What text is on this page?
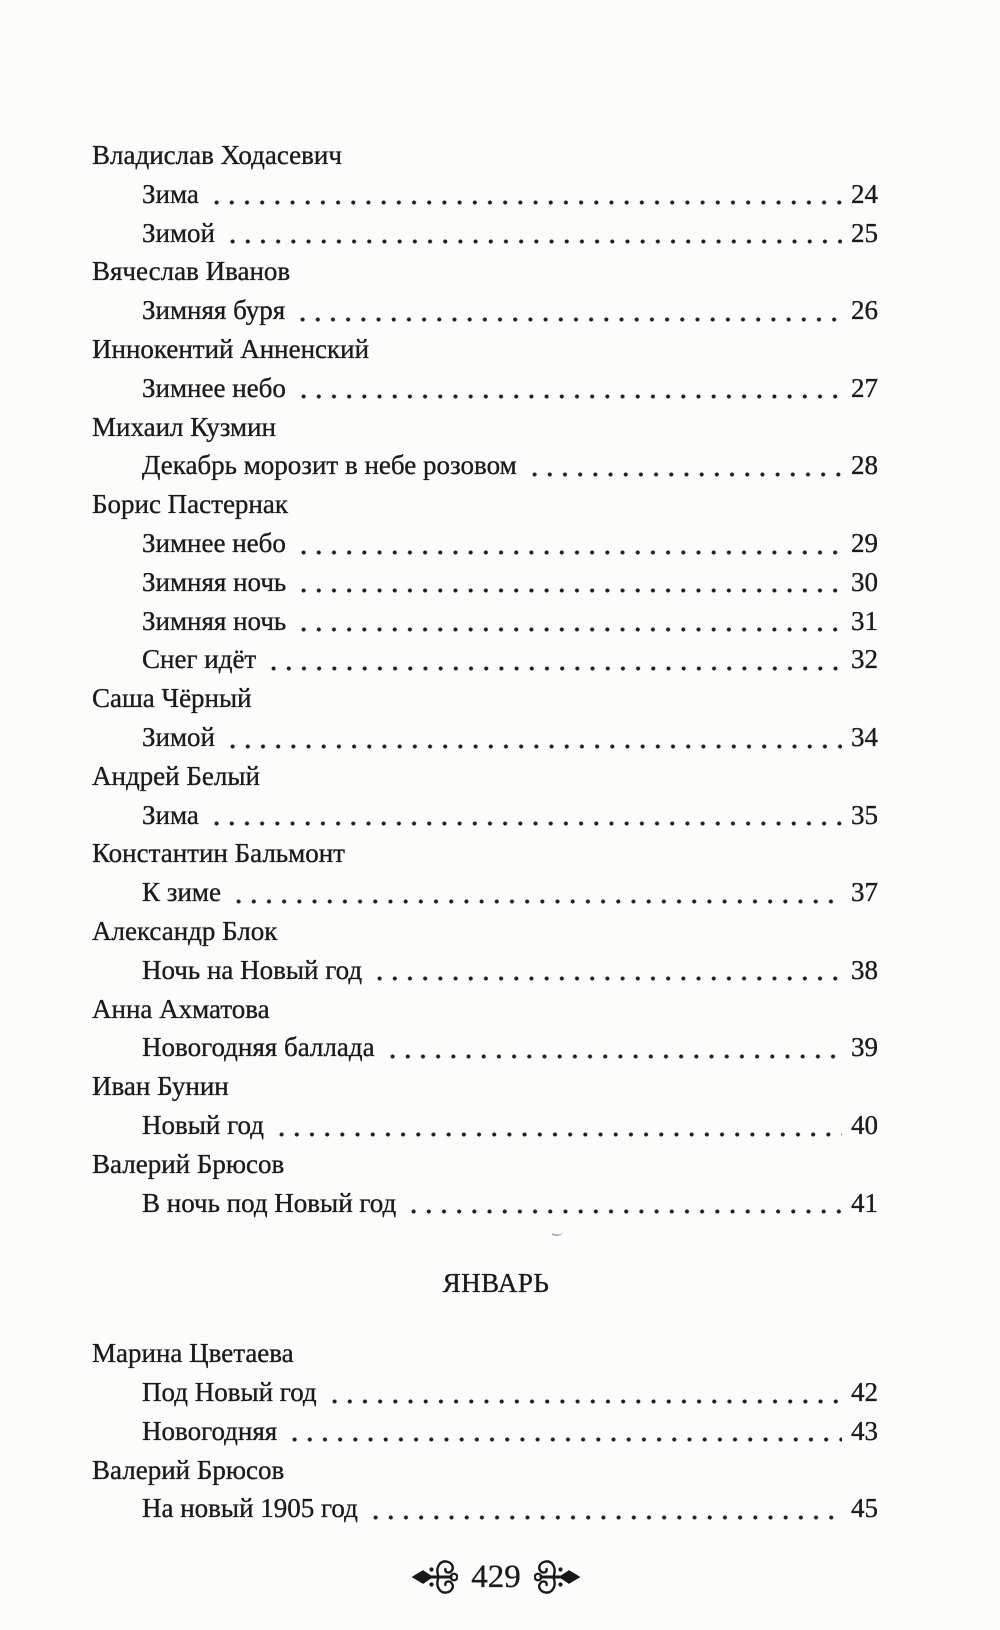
Владислав Ходасевич
Зима	24
Зимой	25
Вячеслав Иванов
Зимняя буря	26
Иннокентий Анненский
Зимнее небо	27
Михаил Кузмин
Декабрь морозит в небе розовом	28
Борис Пастернак
Зимнее небо	29
Зимняя ночь	30
Зимняя ночь	31
Снег идёт	32
Саша Чёрный
Зимой	34
Андрей Белый
Зима	35
Константин Бальмонт
К зиме	37
Александр Блок
Ночь на Новый год	38
Анна Ахматова
Новогодняя баллада	39
Иван Бунин
Новый год	40
Валерий Брюсов
В ночь под Новый год	41
ЯНВАРЬ
Марина Цветаева
Под Новый год	42
Новогодняя	43
Валерий Брюсов
На новый 1905 год	45
429
